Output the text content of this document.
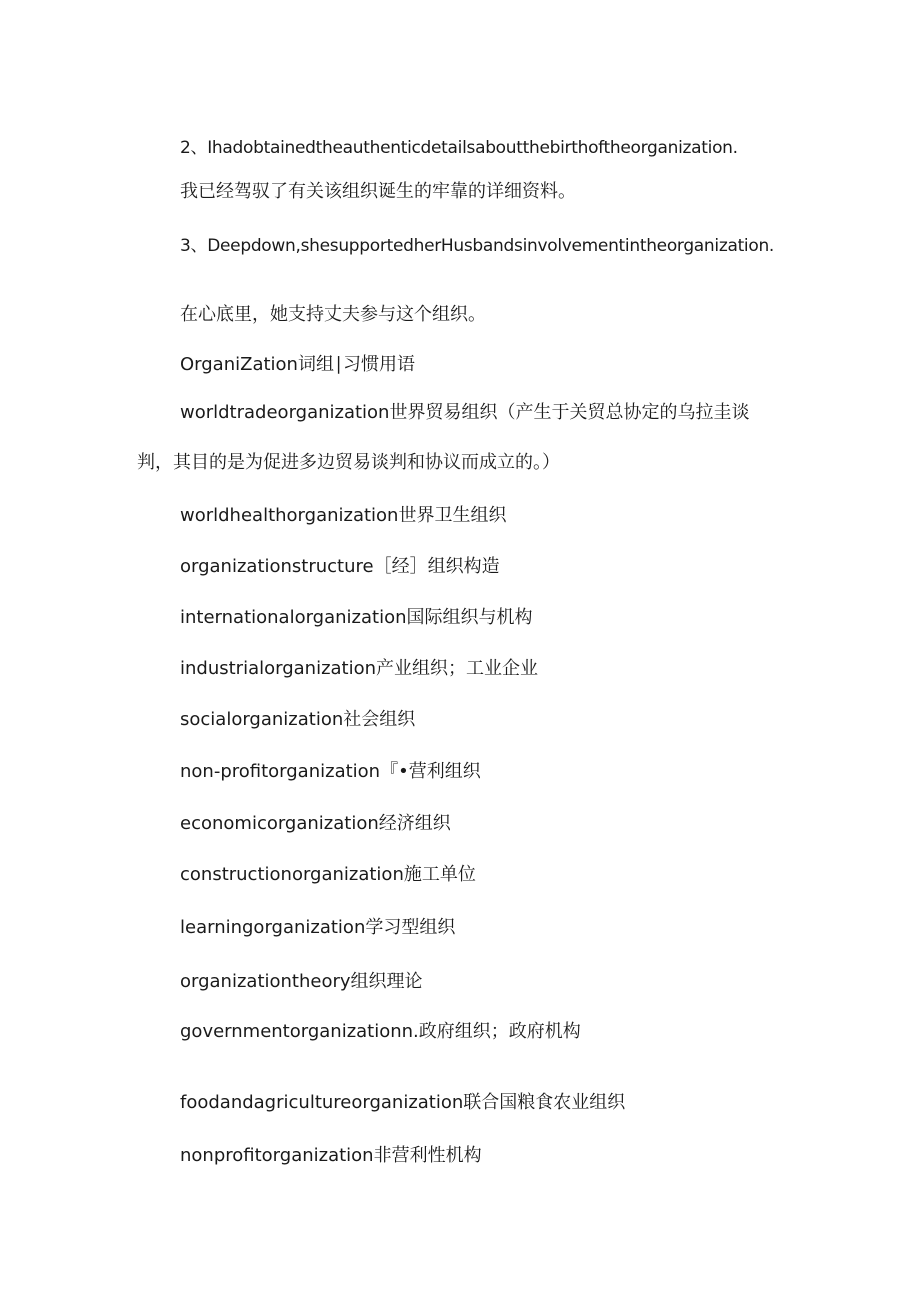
2、Ihadobtainedtheauthenticdetailsaboutthebirthoftheorganization.
我已经驾驭了有关该组织诞生的牢靠的详细资料。
3、Deepdown,shesupportedherHusbandsinvolvementintheorganization.
在心底里，她支持丈夫参与这个组织。
OrganiZation词组∣习惯用语
worldtradeorganization世界贸易组织（产生于关贸总协定的乌拉圭谈
判，其目的是为促进多边贸易谈判和协议而成立的。）
worldhealthorganization世界卫生组织
organizationstructure［经］组织构造
internationalorganization国际组织与机构
industrialorganization产业组织；工业企业
socialorganization社会组织
non-profitorganization『•营利组织
economicorganization经济组织
constructionorganization施工单位
learningorganization学习型组织
organizationtheory组织理论
governmentorganizationn.政府组织；政府机构
foodandagricultureorganization联合国粮食农业组织
nonprofitorganization非营利性机构
